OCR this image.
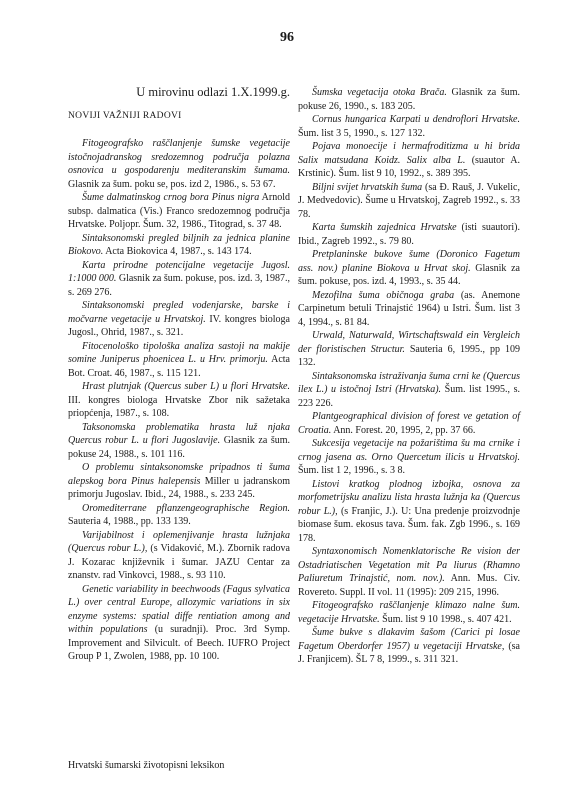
96
U mirovinu odlazi 1.X.1999.g.
NOVIJI VAŽNIJI RADOVI

Fitogeografsko raščlanjenje šumske vegetacije istočnojadranskog sredozemnog područja polazna osnovica u gospodarenju mediteranskim šumama. Glasnik za šum. poku se, pos. izd 2, 1986., s. 53 67.

Šume dalmatinskog crnog bora Pinus nigra Arnold subsp. dalmatica (Vis.) Franco sredozemnog područja Hrvatske. Poljopr. Šum. 32, 1986., Titograd, s. 37 48.

Sintaksonomski pregled biljnih za jednica planine Biokovo. Acta Biokovica 4, 1987., s. 143 174.

Karta prirodne potencijalne vegetacije Jugosl. 1:1000 000. Glasnik za šum. pokuse, pos. izd. 3, 1987., s. 269 276.

Sintaksonomski pregled vodenjarske, barske i močvarne vegetacije u Hrvatskoj. IV. kongres biologa Jugosl., Ohrid, 1987., s. 321.

Fitocenološko tipološka analiza sastoji na makije somine Juniperus phoenicea L. u Hrv. primorju. Acta Bot. Croat. 46, 1987., s. 115 121.

Hrast plutnjak (Quercus suber L) u flori Hrvatske. III. kongres biologa Hrvatske Zbor nik sažetaka priopćenja, 1987., s. 108.

Taksonomska problematika hrasta luž njaka Quercus robur L. u flori Jugoslavije. Glasnik za šum. pokuse 24, 1988., s. 101 116.

O problemu sintaksonomske pripadnos ti šuma alepskog bora Pinus halepensis Miller u jadranskom primorju Jugoslav. Ibid., 24, 1988., s. 233 245.

Oromediterrane pflanzengeographische Region. Sauteria 4, 1988., pp. 133 139.

Varijabilnost i oplemenjivanje hrasta lužnjaka (Quercus robur L.), (s Vidaković, M.). Zbornik radova J. Kozarac književnik i šumar. JAZU Centar za znanstv. rad Vinkovci, 1988., s. 93 110.

Genetic variability in beechwoods (Fagus sylvatica L.) over central Europe, allozymic variations in six enzyme systems: spatial diffe rentiation among and within populations (u suradnji). Proc. 3rd Symp. Improvement and Silvicult. of Beech. IUFRO Project Group P 1, Zwolen, 1988, pp. 10 100.

Šumska vegetacija otoka Brača. Glasnik za šum. pokuse 26, 1990., s. 183 205.

Cornus hungarica Karpati u dendroflori Hrvatske. Šum. list 3 5, 1990., s. 127 132.

Pojava monoecije i hermafroditizma u hi brida Salix matsudana Koidz. Salix alba L. (suautor A. Krstinic). Šum. list 9 10, 1992., s. 389 395.

Biljni svijet hrvatskih šuma (sa Đ. Rauš, J. Vukelic, J. Medvedovic). Šume u Hrvatskoj, Zagreb 1992., s. 33 78.

Karta šumskih zajednica Hrvatske (isti suautori). Ibid., Zagreb 1992., s. 79 80.

Pretplaninske bukove šume (Doronico Fagetum ass. nov.) planine Biokova u Hrvat skoj. Glasnik za šum. pokuse, pos. izd. 4, 1993., s. 35 44.

Mezofilna šuma običnoga graba (as. Anemone Carpinetum betuli Trinajstić 1964) u Istri. Šum. list 3 4, 1994., s. 81 84.

Urwald, Naturwald, Wirtschaftswald ein Vergleich der floristischen Structur. Sauteria 6, 1995., pp 109 132.

Sintaksonomska istraživanja šuma crni ke (Quercus ilex L.) u istočnoj Istri (Hrvatska). Šum. list 1995., s. 223 226.

Plantgeographical division of forest ve getation of Croatia. Ann. Forest. 20, 1995, 2, pp. 37 66.

Sukcesija vegetacije na požarištima šu ma crnike i crnog jasena as. Orno Quercetum ilicis u Hrvatskoj. Šum. list 1 2, 1996., s. 3 8.

Listovi kratkog plodnog izbojka, osnova za morfometrijsku analizu lista hrasta lužnja ka (Quercus robur L.), (s Franjic, J.). U: Una predenje proizvodnje biomase šum. ekosus tava. Šum. fak. Zgb 1996., s. 169 178.

Syntaxonomisch Nomenklatorische Re vision der Ostadriatischen Vegetation mit Pa liurus (Rhamno Paliuretum Trinajstić, nom. nov.). Ann. Mus. Civ. Rovereto. Suppl. II vol. 11 (1995): 209 215, 1996.

Fitogeografsko raščlanjenje klimazo nalne šum. vegetacije Hrvatske. Šum. list 9 10 1998., s. 407 421.

Šume bukve s dlakavim šašom (Carici pi losae Fagetum Oberdorfer 1957) u vegetaciji Hrvatske, (sa J. Franjicem). ŠL 7 8, 1999., s. 311 321.

Hrvatski šumarski životopisni leksikon
